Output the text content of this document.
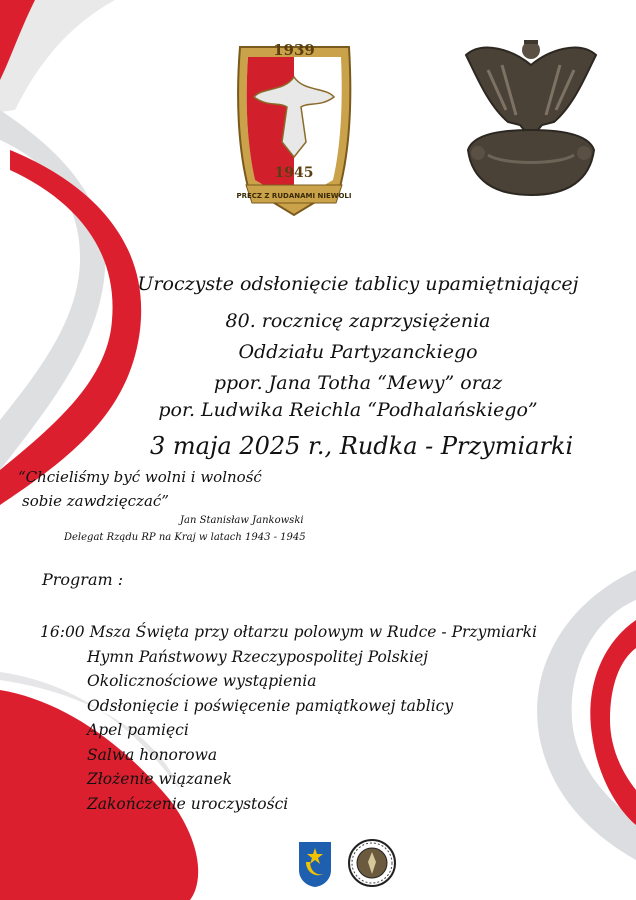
1939
1945
PRECZ Z RUDANAMI NIEWOLI
Uroczyste odsłonięcie tablicy upamiętniającej
80. rocznicę zaprzysiężenia
Oddziału Partyzanckiego
ppor. Jana Totha “Mewy” oraz
por. Ludwika Reichla “Podhalańskiego”
3 maja 2025 r., Rudka - Przymiarki
“Chcieliśmy być wolni i wolność
sobie zawdzięczać”
Jan Stanisław Jankowski
Delegat Rządu RP na Kraj w latach 1943 - 1945
Program :
16:00 Msza Święta przy ołtarzu polowym w Rudce - Przymiarki
Hymn Państwowy Rzeczypospolitej Polskiej
Okolicznościowe wystąpienia
Odsłonięcie i poświęcenie pamiątkowej tablicy
Apel pamięci
Salwa honorowa
Złożenie wiązanek
Zakończenie uroczystości
